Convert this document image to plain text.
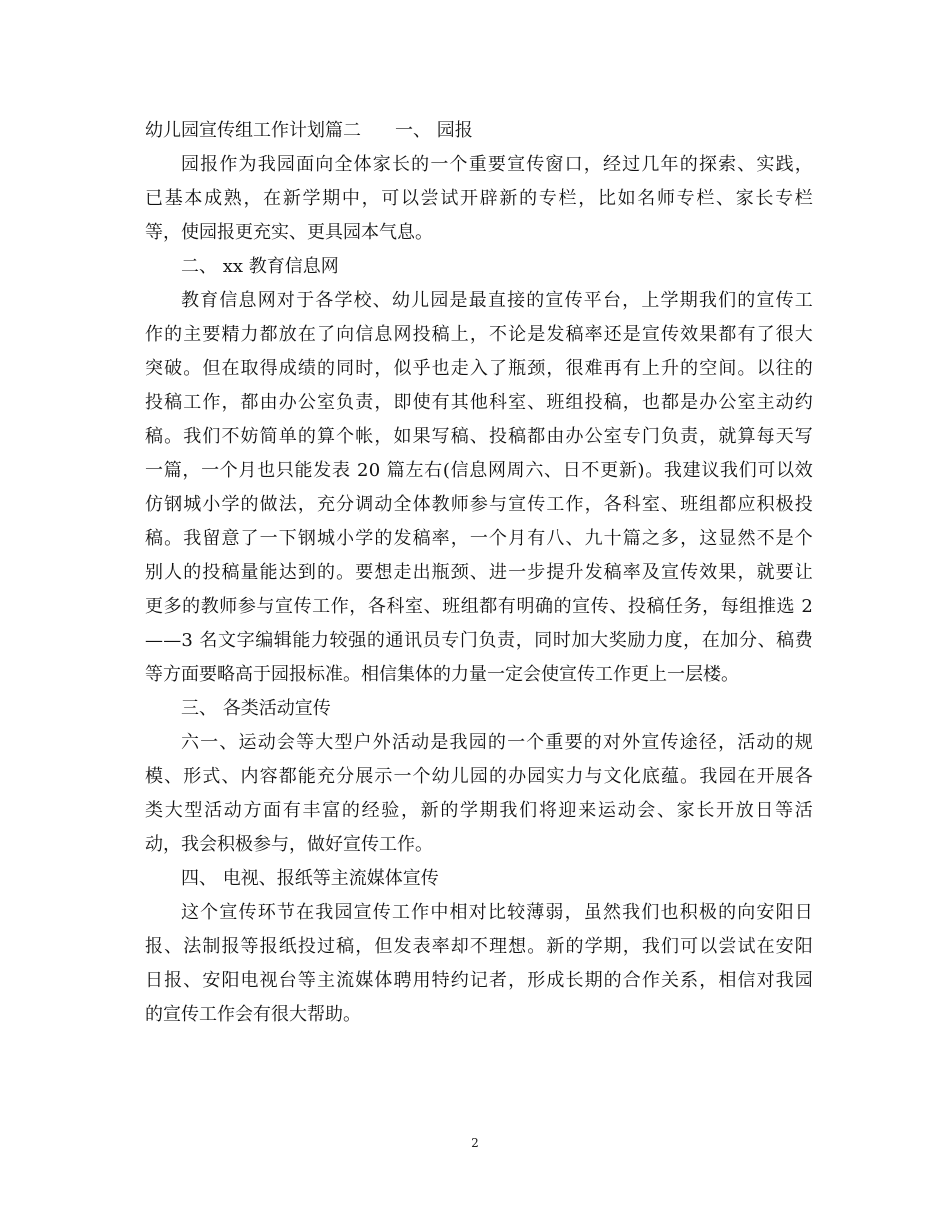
幼儿园宣传组工作计划篇二 一、 园报

园报作为我园面向全体家长的一个重要宣传窗口，经过几年的探索、实践，

已基本成熟，在新学期中，可以尝试开辟新的专栏，比如名师专栏、家长专栏

等，使园报更充实、更具园本气息。

二、 xx 教育信息网

教育信息网对于各学校、幼儿园是最直接的宣传平台，上学期我们的宣传工

作的主要精力都放在了向信息网投稿上，不论是发稿率还是宣传效果都有了很大

突破。但在取得成绩的同时，似乎也走入了瓶颈，很难再有上升的空间。以往的

投稿工作，都由办公室负责，即使有其他科室、班组投稿，也都是办公室主动约

稿。我们不妨简单的算个帐，如果写稿、投稿都由办公室专门负责，就算每天写

一篇，一个月也只能发表 20 篇左右(信息网周六、日不更新)。我建议我们可以效

仿钢城小学的做法，充分调动全体教师参与宣传工作，各科室、班组都应积极投

稿。我留意了一下钢城小学的发稿率，一个月有八、九十篇之多，这显然不是个

别人的投稿量能达到的。要想走出瓶颈、进一步提升发稿率及宣传效果，就要让

更多的教师参与宣传工作，各科室、班组都有明确的宣传、投稿任务，每组推选 2

——3 名文字编辑能力较强的通讯员专门负责，同时加大奖励力度，在加分、稿费

等方面要略高于园报标准。相信集体的力量一定会使宣传工作更上一层楼。

三、 各类活动宣传

六一、运动会等大型户外活动是我园的一个重要的对外宣传途径，活动的规

模、形式、内容都能充分展示一个幼儿园的办园实力与文化底蕴。我园在开展各

类大型活动方面有丰富的经验，新的学期我们将迎来运动会、家长开放日等活

动，我会积极参与，做好宣传工作。

四、 电视、报纸等主流媒体宣传

这个宣传环节在我园宣传工作中相对比较薄弱，虽然我们也积极的向安阳日

报、法制报等报纸投过稿，但发表率却不理想。新的学期，我们可以尝试在安阳

日报、安阳电视台等主流媒体聘用特约记者，形成长期的合作关系，相信对我园

的宣传工作会有很大帮助。

2
